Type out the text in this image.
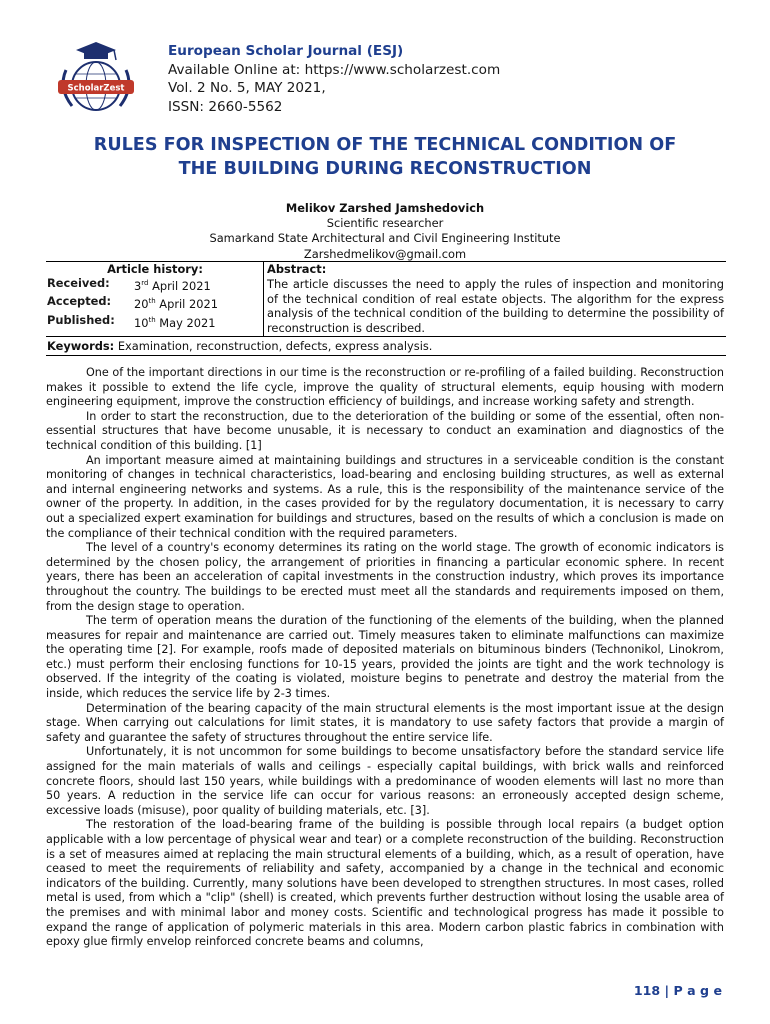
ScholarZest
European Scholar Journal (ESJ)
Available Online at: https://www.scholarzest.com
Vol. 2 No. 5, MAY 2021,
ISSN: 2660-5562
RULES FOR INSPECTION OF THE TECHNICAL CONDITION OF
THE BUILDING DURING RECONSTRUCTION
Melikov Zarshed Jamshedovich
Scientific researcher
Samarkand State Architectural and Civil Engineering Institute
Zarshedmelikov@gmail.com
Article history:
Received:	3rd April 2021
Accepted:	20th April 2021
Published:	10th May 2021

Abstract:
The article discusses the need to apply the rules of inspection and monitoring of the technical condition of real estate objects. The algorithm for the express analysis of the technical condition of the building to determine the possibility of reconstruction is described.

Keywords: Examination, reconstruction, defects, express analysis.

One of the important directions in our time is the reconstruction or re-profiling of a failed building. Reconstruction makes it possible to extend the life cycle, improve the quality of structural elements, equip housing with modern engineering equipment, improve the construction efficiency of buildings, and increase working safety and strength.

In order to start the reconstruction, due to the deterioration of the building or some of the essential, often non-essential structures that have become unusable, it is necessary to conduct an examination and diagnostics of the technical condition of this building. [1]

An important measure aimed at maintaining buildings and structures in a serviceable condition is the constant monitoring of changes in technical characteristics, load-bearing and enclosing building structures, as well as external and internal engineering networks and systems. As a rule, this is the responsibility of the maintenance service of the owner of the property. In addition, in the cases provided for by the regulatory documentation, it is necessary to carry out a specialized expert examination for buildings and structures, based on the results of which a conclusion is made on the compliance of their technical condition with the required parameters.

The level of a country's economy determines its rating on the world stage. The growth of economic indicators is determined by the chosen policy, the arrangement of priorities in financing a particular economic sphere. In recent years, there has been an acceleration of capital investments in the construction industry, which proves its importance throughout the country. The buildings to be erected must meet all the standards and requirements imposed on them, from the design stage to operation.

The term of operation means the duration of the functioning of the elements of the building, when the planned measures for repair and maintenance are carried out. Timely measures taken to eliminate malfunctions can maximize the operating time [2]. For example, roofs made of deposited materials on bituminous binders (Technonikol, Linokrom, etc.) must perform their enclosing functions for 10-15 years, provided the joints are tight and the work technology is observed. If the integrity of the coating is violated, moisture begins to penetrate and destroy the material from the inside, which reduces the service life by 2-3 times.

Determination of the bearing capacity of the main structural elements is the most important issue at the design stage. When carrying out calculations for limit states, it is mandatory to use safety factors that provide a margin of safety and guarantee the safety of structures throughout the entire service life.

Unfortunately, it is not uncommon for some buildings to become unsatisfactory before the standard service life assigned for the main materials of walls and ceilings - especially capital buildings, with brick walls and reinforced concrete floors, should last 150 years, while buildings with a predominance of wooden elements will last no more than 50 years. A reduction in the service life can occur for various reasons: an erroneously accepted design scheme, excessive loads (misuse), poor quality of building materials, etc. [3].

The restoration of the load-bearing frame of the building is possible through local repairs (a budget option applicable with a low percentage of physical wear and tear) or a complete reconstruction of the building. Reconstruction is a set of measures aimed at replacing the main structural elements of a building, which, as a result of operation, have ceased to meet the requirements of reliability and safety, accompanied by a change in the technical and economic indicators of the building. Currently, many solutions have been developed to strengthen structures. In most cases, rolled metal is used, from which a "clip" (shell) is created, which prevents further destruction without losing the usable area of the premises and with minimal labor and money costs. Scientific and technological progress has made it possible to expand the range of application of polymeric materials in this area. Modern carbon plastic fabrics in combination with epoxy glue firmly envelop reinforced concrete beams and columns,

118 | P a g e
